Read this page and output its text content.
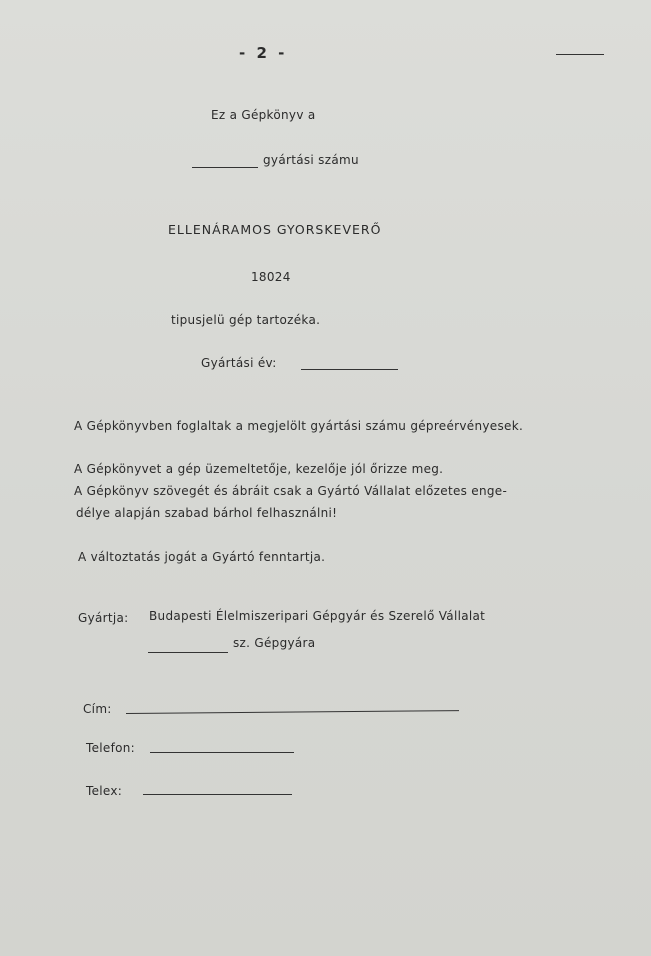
- 2 -
Ez a Gépkönyv a
gyártási számu
ELLENÁRAMOS GYORSKEVERŐ
18024
tipusjelü gép tartozéka.
Gyártási év:
A Gépkönyvben foglaltak a megjelölt gyártási számu gépreérvényesek.
A Gépkönyvet a gép üzemeltetője, kezelője jól őrizze meg.
A Gépkönyv szövegét és ábráit csak a Gyártó Vállalat előzetes enge-
délye alapján szabad bárhol felhasználni!
A változtatás jogát a Gyártó fenntartja.
Gyártja: Budapesti Élelmiszeripari Gépgyár és Szerelő Vállalat
sz. Gépgyára
Cím:
Telefon:
Telex:
